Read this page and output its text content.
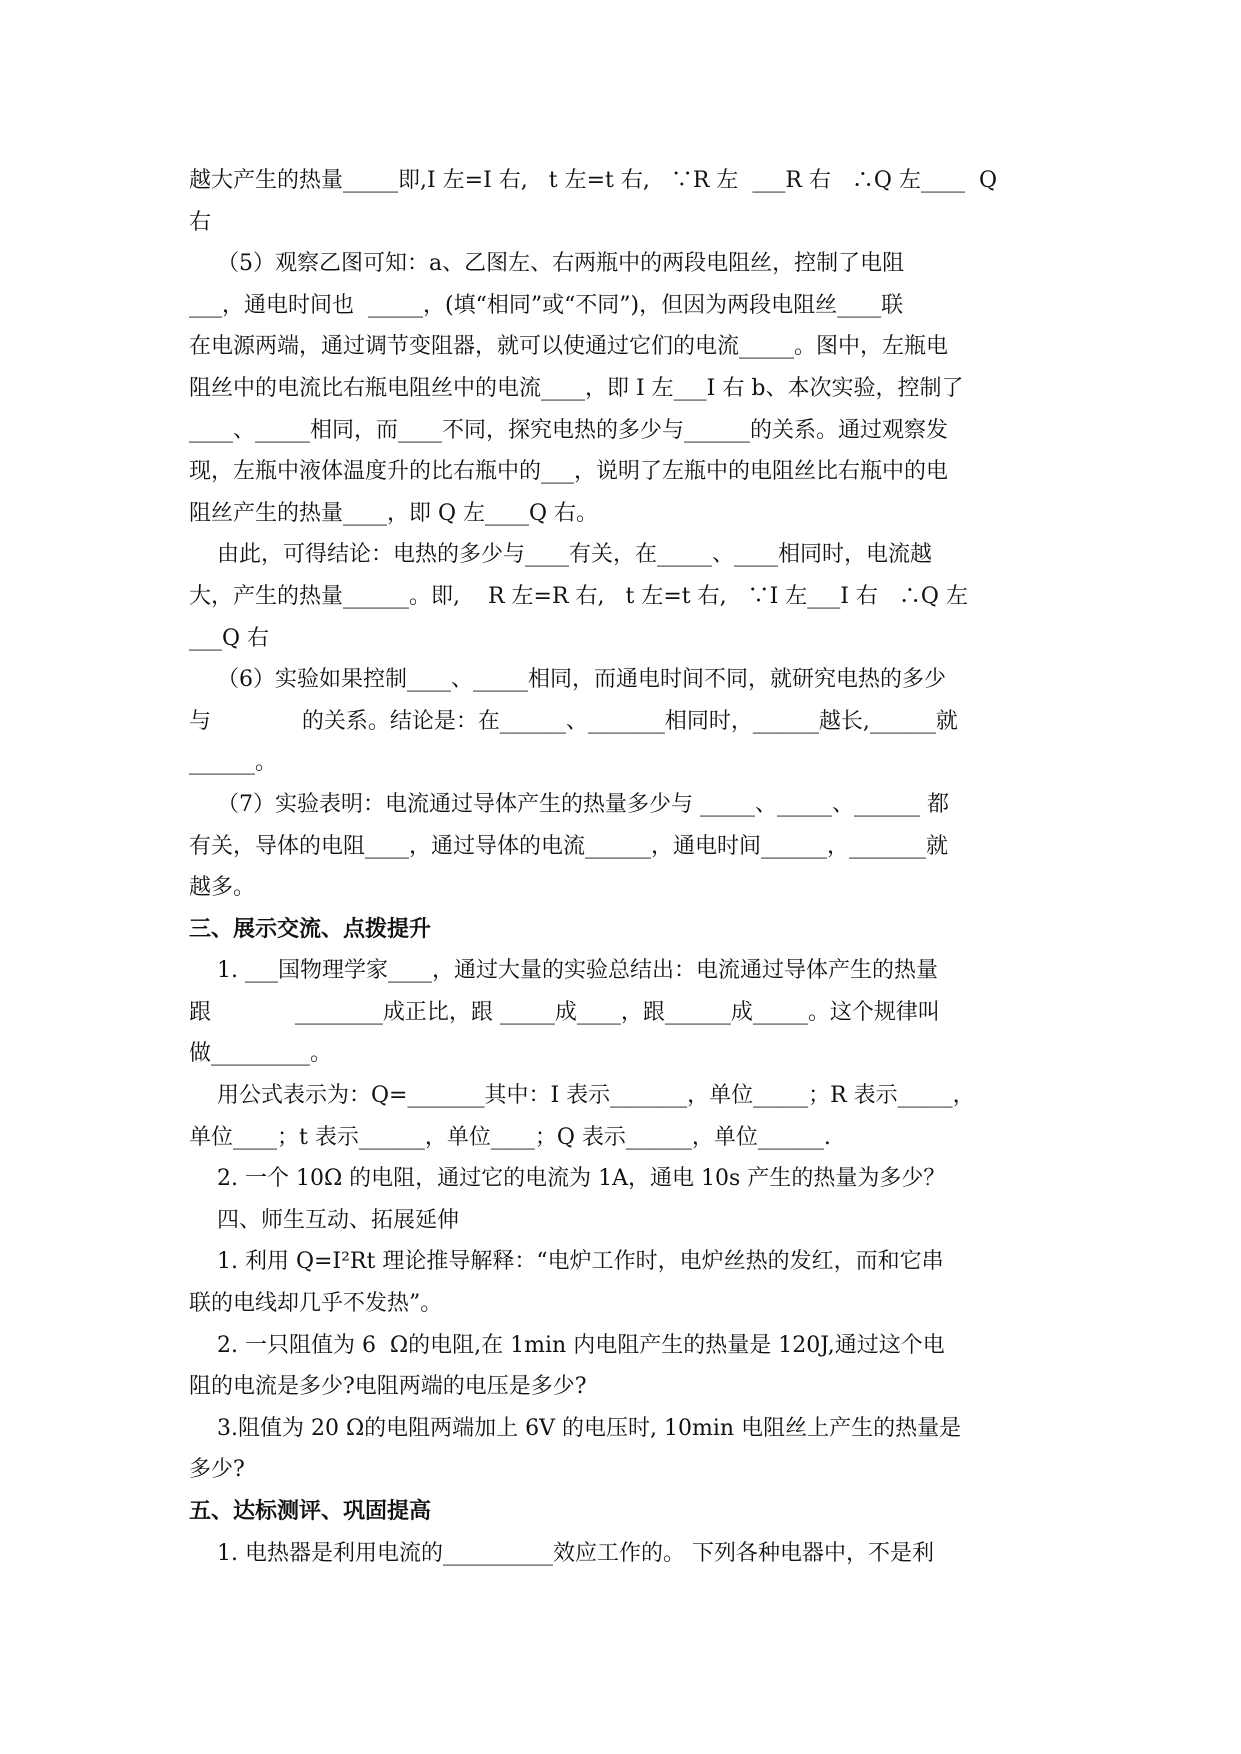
越大产生的热量_____即,I 左=I 右,   t 左=t 右,   ∵R 左  ___R 右   ∴Q 左____  Q
右
（5）观察乙图可知：a、乙图左、右两瓶中的两段电阻丝，控制了电阻
___，通电时间也  _____，(填“相同”或“不同”)，但因为两段电阻丝____联
在电源两端，通过调节变阻器，就可以使通过它们的电流_____。图中，左瓶电
阻丝中的电流比右瓶电阻丝中的电流____，即 I 左___I 右 b、本次实验，控制了
____、_____相同，而____不同，探究电热的多少与______的关系。通过观察发
现，左瓶中液体温度升的比右瓶中的___，说明了左瓶中的电阻丝比右瓶中的电
阻丝产生的热量____，即 Q 左____Q 右。
由此，可得结论：电热的多少与____有关，在_____、____相同时，电流越
大，产生的热量______。即,    R 左=R 右,   t 左=t 右,   ∵I 左___I 右   ∴Q 左
___Q 右
（6）实验如果控制____、_____相同，而通电时间不同，就研究电热的多少
与             的关系。结论是：在______、_______相同时，______越长,______就
______。
（7）实验表明：电流通过导体产生的热量多少与 _____、_____、______ 都
有关，导体的电阻____，通过导体的电流______，通电时间______，_______就
越多。
三、展示交流、点拨提升
1. ___国物理学家____，通过大量的实验总结出：电流通过导体产生的热量
跟            ________成正比，跟 _____成____，跟______成_____。这个规律叫
做_________。
用公式表示为：Q=_______其中：I 表示_______，单位_____；R 表示_____，
单位____；t 表示______，单位____；Q 表示______，单位______.
2. 一个 10Ω 的电阻，通过它的电流为 1A，通电 10s 产生的热量为多少？
四、师生互动、拓展延伸
1. 利用 Q=I²Rt 理论推导解释：“电炉工作时，电炉丝热的发红，而和它串
联的电线却几乎不发热”。
2. 一只阻值为 6  Ω的电阻,在 1min 内电阻产生的热量是 120J,通过这个电
阻的电流是多少?电阻两端的电压是多少?
3.阻值为 20 Ω的电阻两端加上 6V 的电压时, 10min 电阻丝上产生的热量是
多少?
五、达标测评、巩固提高
1. 电热器是利用电流的__________效应工作的。 下列各种电器中，不是利
